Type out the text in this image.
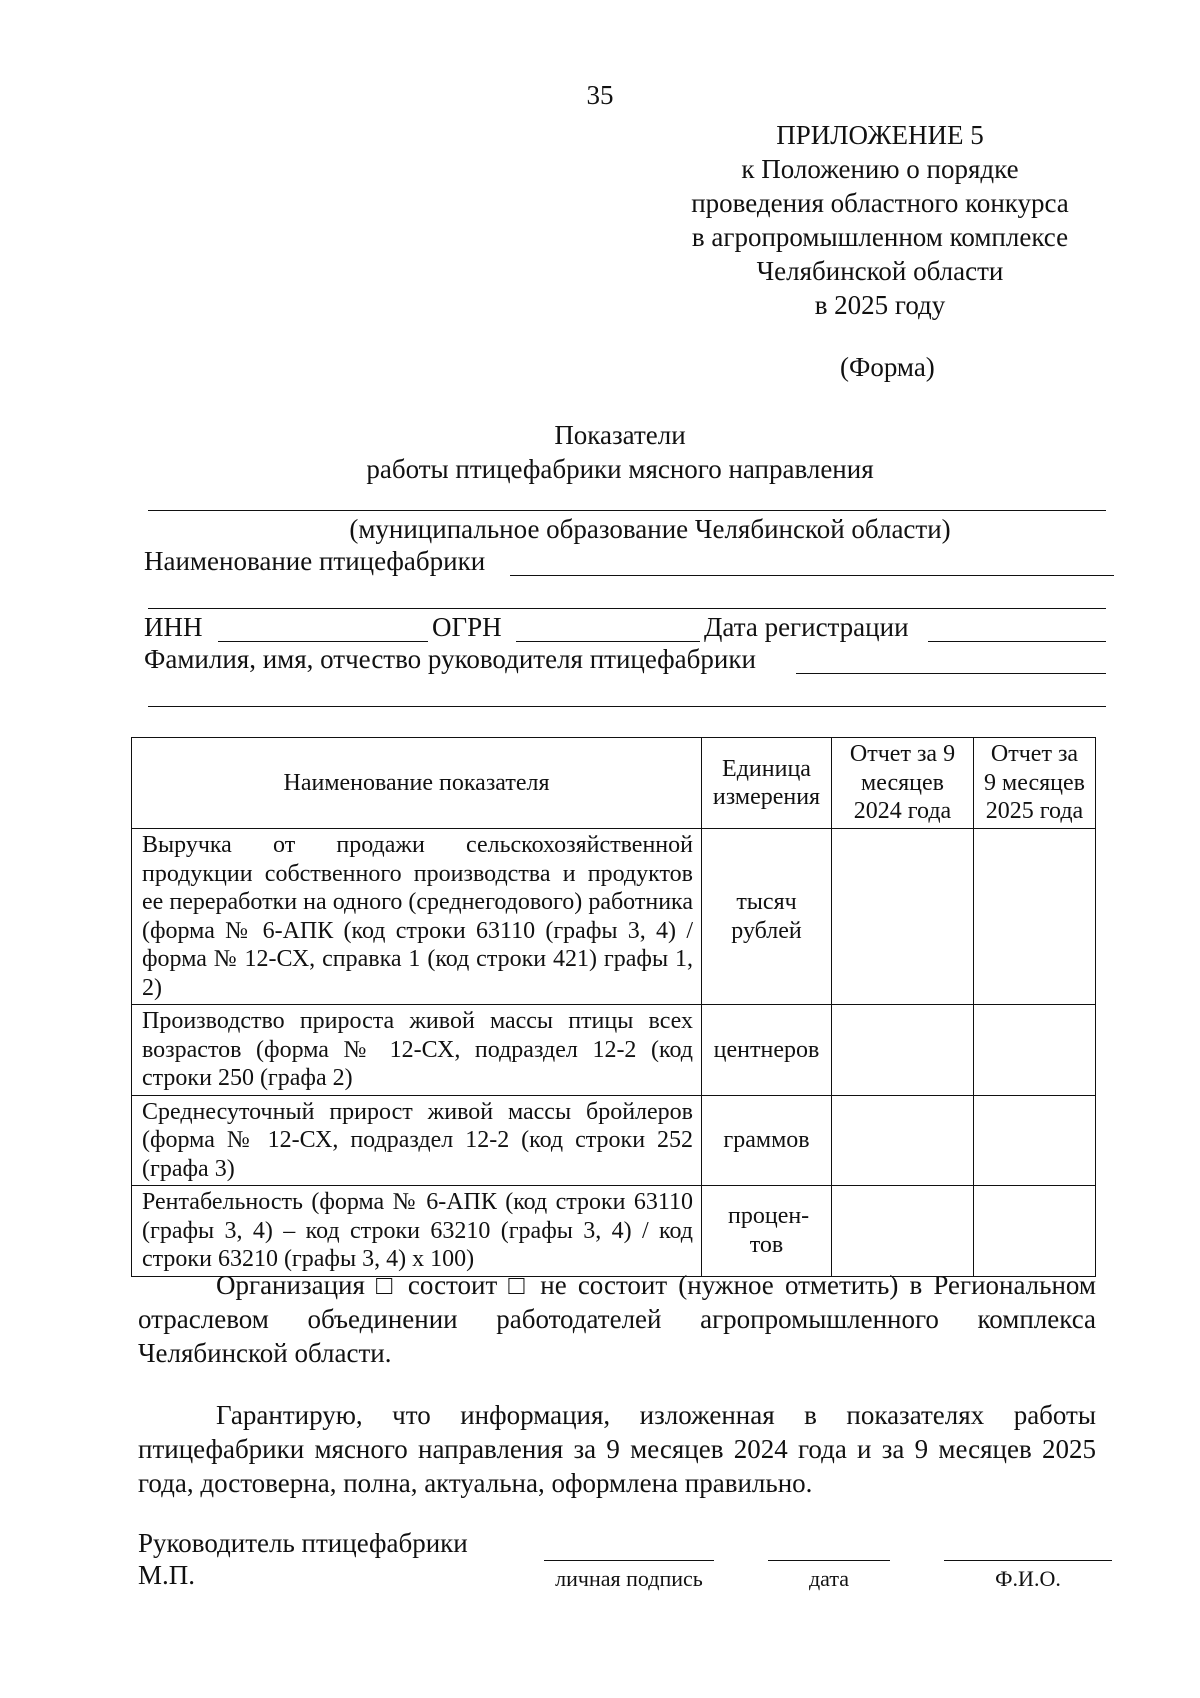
35
ПРИЛОЖЕНИЕ 5
к Положению о порядке
проведения областного конкурса
в агропромышленном комплексе
Челябинской области
в 2025 году
(Форма)
Показатели
работы птицефабрики мясного направления
(муниципальное образование Челябинской области)
Наименование птицефабрики
ИНН	ОГРН	Дата регистрации
Фамилия, имя, отчество руководителя птицефабрики
Наименование показателя	Единица измерения	Отчет за 9 месяцев 2024 года	Отчет за 9 месяцев 2025 года
Выручка от продажи сельскохозяйственной продукции собственного производства и продуктов ее переработки на одного (среднегодового) работника (форма № 6-АПК (код строки 63110 (графы 3, 4) / форма № 12-СХ, справка 1 (код строки 421) графы 1, 2)	тысяч рублей		
Производство прироста живой массы птицы всех возрастов (форма № 12-СХ, подраздел 12-2 (код строки 250 (графа 2)	центнеров		
Среднесуточный прирост живой массы бройлеров (форма № 12-СХ, подраздел 12-2 (код строки 252 (графа 3)	граммов		
Рентабельность (форма № 6-АПК (код строки 63110 (графы 3, 4) – код строки 63210 (графы 3, 4) / код строки 63210 (графы 3, 4) х 100)	процен-тов		
Организация □ состоит □ не состоит (нужное отметить) в Региональном отраслевом объединении работодателей агропромышленного комплекса Челябинской области.
Гарантирую, что информация, изложенная в показателях работы птицефабрики мясного направления за 9 месяцев 2024 года и за 9 месяцев 2025 года, достоверна, полна, актуальна, оформлена правильно.
Руководитель птицефабрики
М.П.	личная подпись	дата	Ф.И.О.
